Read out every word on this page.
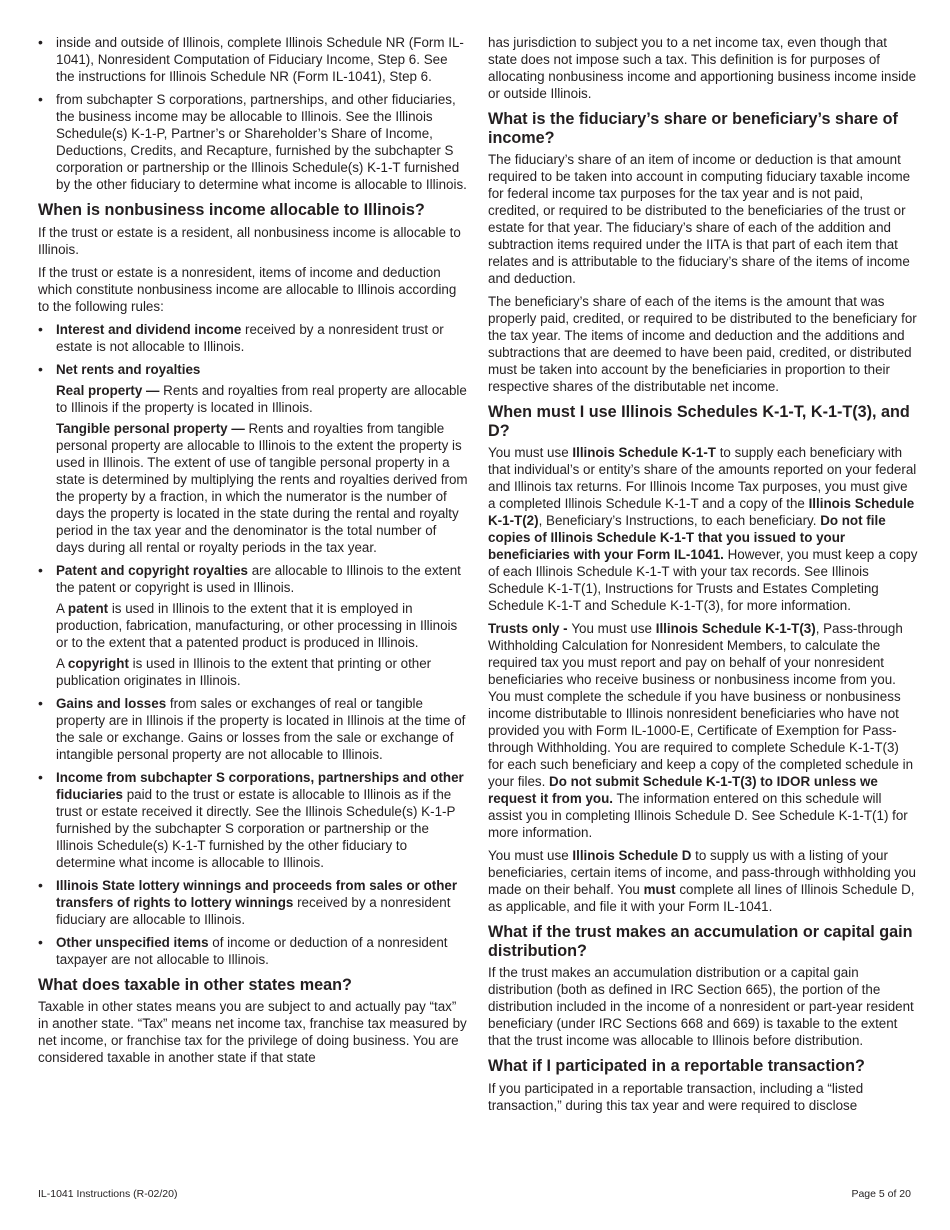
• inside and outside of Illinois, complete Illinois Schedule NR (Form IL-1041), Nonresident Computation of Fiduciary Income, Step 6. See the instructions for Illinois Schedule NR (Form IL-1041), Step 6.
• from subchapter S corporations, partnerships, and other fiduciaries, the business income may be allocable to Illinois. See the Illinois Schedule(s) K-1-P, Partner’s or Shareholder’s Share of Income, Deductions, Credits, and Recapture, furnished by the subchapter S corporation or partnership or the Illinois Schedule(s) K-1-T furnished by the other fiduciary to determine what income is allocable to Illinois.
When is nonbusiness income allocable to Illinois?

If the trust or estate is a resident, all nonbusiness income is allocable to Illinois.

If the trust or estate is a nonresident, items of income and deduction which constitute nonbusiness income are allocable to Illinois according to the following rules:

• Interest and dividend income received by a nonresident trust or estate is not allocable to Illinois.
• Net rents and royalties

Real property — Rents and royalties from real property are allocable to Illinois if the property is located in Illinois.

Tangible personal property — Rents and royalties from tangible personal property are allocable to Illinois to the extent the property is used in Illinois. The extent of use of tangible personal property in a state is determined by multiplying the rents and royalties derived from the property by a fraction, in which the numerator is the number of days the property is located in the state during the rental and royalty period in the tax year and the denominator is the total number of days during all rental or royalty periods in the tax year.

• Patent and copyright royalties are allocable to Illinois to the extent the patent or copyright is used in Illinois.

A patent is used in Illinois to the extent that it is employed in production, fabrication, manufacturing, or other processing in Illinois or to the extent that a patented product is produced in Illinois.

A copyright is used in Illinois to the extent that printing or other publication originates in Illinois.

• Gains and losses from sales or exchanges of real or tangible property are in Illinois if the property is located in Illinois at the time of the sale or exchange. Gains or losses from the sale or exchange of intangible personal property are not allocable to Illinois.
• Income from subchapter S corporations, partnerships and other fiduciaries paid to the trust or estate is allocable to Illinois as if the trust or estate received it directly. See the Illinois Schedule(s) K-1-P furnished by the subchapter S corporation or partnership or the Illinois Schedule(s) K-1-T furnished by the other fiduciary to determine what income is allocable to Illinois.
• Illinois State lottery winnings and proceeds from sales or other transfers of rights to lottery winnings received by a nonresident fiduciary are allocable to Illinois.
• Other unspecified items of income or deduction of a nonresident taxpayer are not allocable to Illinois.
What does taxable in other states mean?

Taxable in other states means you are subject to and actually pay “tax” in another state. “Tax” means net income tax, franchise tax measured by net income, or franchise tax for the privilege of doing business. You are considered taxable in another state if that state

has jurisdiction to subject you to a net income tax, even though that state does not impose such a tax. This definition is for purposes of allocating nonbusiness income and apportioning business income inside or outside Illinois.

What is the fiduciary’s share or beneficiary’s share of income?

The fiduciary’s share of an item of income or deduction is that amount required to be taken into account in computing fiduciary taxable income for federal income tax purposes for the tax year and is not paid, credited, or required to be distributed to the beneficiaries of the trust or estate for that year. The fiduciary’s share of each of the addition and subtraction items required under the IITA is that part of each item that relates and is attributable to the fiduciary’s share of the items of income and deduction.

The beneficiary’s share of each of the items is the amount that was properly paid, credited, or required to be distributed to the beneficiary for the tax year. The items of income and deduction and the additions and subtractions that are deemed to have been paid, credited, or distributed must be taken into account by the beneficiaries in proportion to their respective shares of the distributable net income.

When must I use Illinois Schedules K-1-T, K-1-T(3), and D?

You must use Illinois Schedule K-1-T to supply each beneficiary with that individual’s or entity’s share of the amounts reported on your federal and Illinois tax returns. For Illinois Income Tax purposes, you must give a completed Illinois Schedule K-1-T and a copy of the Illinois Schedule K-1-T(2), Beneficiary’s Instructions, to each beneficiary. Do not file copies of Illinois Schedule K-1-T that you issued to your beneficiaries with your Form IL-1041. However, you must keep a copy of each Illinois Schedule K-1-T with your tax records. See Illinois Schedule K-1-T(1), Instructions for Trusts and Estates Completing Schedule K-1-T and Schedule K-1-T(3), for more information.

Trusts only - You must use Illinois Schedule K-1-T(3), Pass-through Withholding Calculation for Nonresident Members, to calculate the required tax you must report and pay on behalf of your nonresident beneficiaries who receive business or nonbusiness income from you. You must complete the schedule if you have business or nonbusiness income distributable to Illinois nonresident beneficiaries who have not provided you with Form IL-1000-E, Certificate of Exemption for Pass-through Withholding. You are required to complete Schedule K-1-T(3) for each such beneficiary and keep a copy of the completed schedule in your files. Do not submit Schedule K-1-T(3) to IDOR unless we request it from you. The information entered on this schedule will assist you in completing Illinois Schedule D. See Schedule K-1-T(1) for more information.

You must use Illinois Schedule D to supply us with a listing of your beneficiaries, certain items of income, and pass-through withholding you made on their behalf. You must complete all lines of Illinois Schedule D, as applicable, and file it with your Form IL-1041.

What if the trust makes an accumulation or capital gain distribution?

If the trust makes an accumulation distribution or a capital gain distribution (both as defined in IRC Section 665), the portion of the distribution included in the income of a nonresident or part-year resident beneficiary (under IRC Sections 668 and 669) is taxable to the extent that the trust income was allocable to Illinois before distribution.

What if I participated in a reportable transaction?

If you participated in a reportable transaction, including a “listed transaction,” during this tax year and were required to disclose

IL-1041 Instructions (R-02/20)	Page 5 of 20
